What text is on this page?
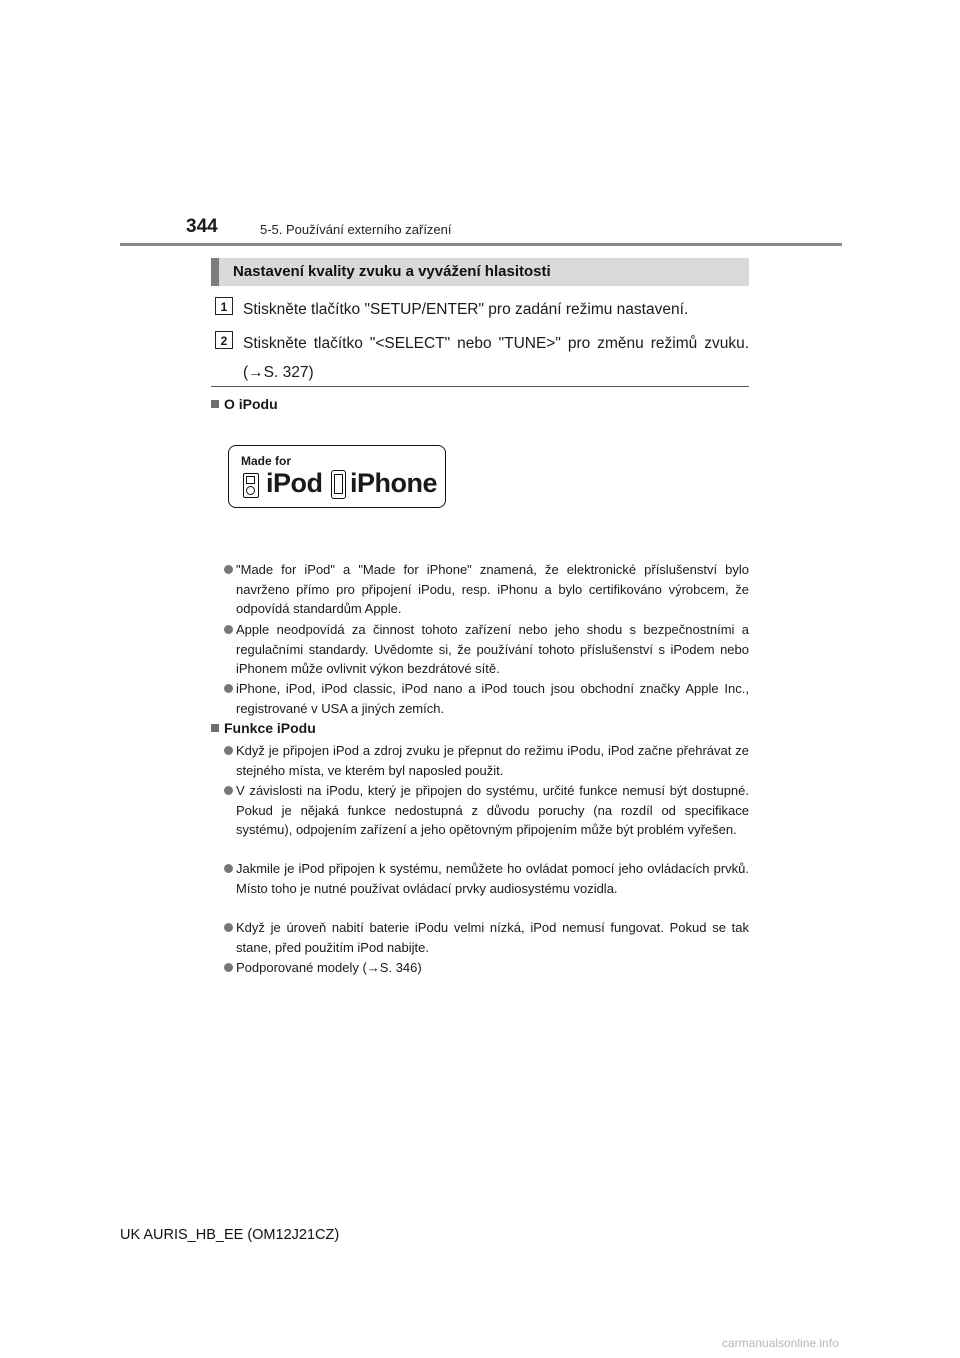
344	5-5. Používání externího zařízení
Nastavení kvality zvuku a vyvážení hlasitosti
1	Stiskněte tlačítko "SETUP/ENTER" pro zadání režimu nastavení.
2	Stiskněte tlačítko "<SELECT" nebo "TUNE>" pro změnu režimů zvuku. (→S. 327)
O iPodu
Made for
iPod iPhone
"Made for iPod" a "Made for iPhone" znamená, že elektronické příslušenství bylo navrženo přímo pro připojení iPodu, resp. iPhonu a bylo certifikováno výrobcem, že odpovídá standardům Apple.
Apple neodpovídá za činnost tohoto zařízení nebo jeho shodu s bezpečnostními a regulačními standardy. Uvědomte si, že používání tohoto příslušenství s iPodem nebo iPhonem může ovlivnit výkon bezdrátové sítě.
iPhone, iPod, iPod classic, iPod nano a iPod touch jsou obchodní značky Apple Inc., registrované v USA a jiných zemích.
Funkce iPodu
Když je připojen iPod a zdroj zvuku je přepnut do režimu iPodu, iPod začne přehrávat ze stejného místa, ve kterém byl naposled použit.
V závislosti na iPodu, který je připojen do systému, určité funkce nemusí být dostupné. Pokud je nějaká funkce nedostupná z důvodu poruchy (na rozdíl od specifikace systému), odpojením zařízení a jeho opětovným připojením může být problém vyřešen.
Jakmile je iPod připojen k systému, nemůžete ho ovládat pomocí jeho ovládacích prvků. Místo toho je nutné používat ovládací prvky audiosystému vozidla.
Když je úroveň nabití baterie iPodu velmi nízká, iPod nemusí fungovat. Pokud se tak stane, před použitím iPod nabijte.
Podporované modely (→S. 346)
UK AURIS_HB_EE (OM12J21CZ)
carmanualsonline.info
